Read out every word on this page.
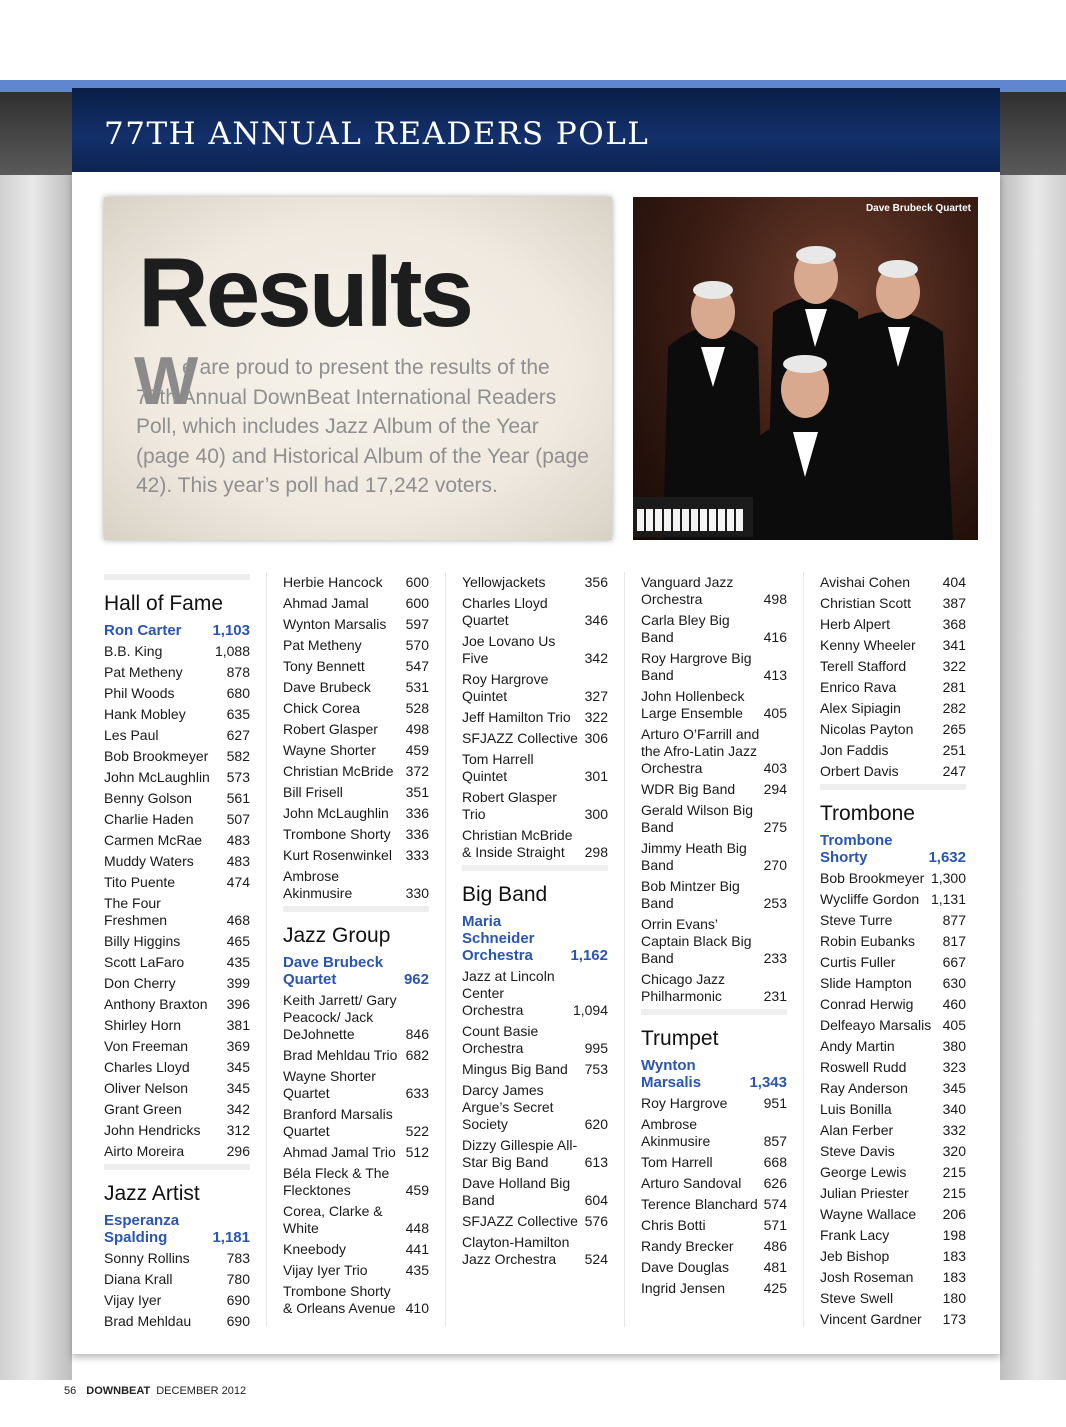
77TH ANNUAL READERS POLL
Results
W
e are proud to present the results of the 77th Annual DownBeat International Readers Poll, which includes Jazz Album of the Year (page 40) and Historical Album of the Year (page 42). This year’s poll had 17,242 voters.
Dave Brubeck Quartet
Hall of Fame
Ron Carter	1,103
B.B. King	1,088
Pat Metheny	878
Phil Woods	680
Hank Mobley	635
Les Paul	627
Bob Brookmeyer	582
John McLaughlin	573
Benny Golson	561
Charlie Haden	507
Carmen McRae	483
Muddy Waters	483
Tito Puente	474
The Four Freshmen	468
Billy Higgins	465
Scott LaFaro	435
Don Cherry	399
Anthony Braxton	396
Shirley Horn	381
Von Freeman	369
Charles Lloyd	345
Oliver Nelson	345
Grant Green	342
John Hendricks	312
Airto Moreira	296
Jazz Artist
Esperanza Spalding	1,181
Sonny Rollins	783
Diana Krall	780
Vijay Iyer	690
Brad Mehldau	690
Herbie Hancock	600
Ahmad Jamal	600
Wynton Marsalis	597
Pat Metheny	570
Tony Bennett	547
Dave Brubeck	531
Chick Corea	528
Robert Glasper	498
Wayne Shorter	459
Christian McBride 372
Bill Frisell	351
John McLaughlin	336
Trombone Shorty	336
Kurt Rosenwinkel 333
Ambrose Akinmusire	330
Jazz Group
Dave Brubeck Quartet	962
Keith Jarrett/ Gary Peacock/ Jack DeJohnette	846
Brad Mehldau Trio 682
Wayne Shorter Quartet	633
Branford Marsalis Quartet	522
Ahmad Jamal Trio 512
Béla Fleck & The Flecktones	459
Corea, Clarke & White	448
Kneebody	441
Vijay Iyer Trio	435
Trombone Shorty & Orleans Avenue 410
Yellowjackets	356
Charles Lloyd Quartet	346
Joe Lovano Us Five	342
Roy Hargrove Quintet	327
Jeff Hamilton Trio 322
SFJAZZ Collective 306
Tom Harrell Quintet	301
Robert Glasper Trio	300
Christian McBride & Inside Straight	298
Big Band
Maria Schneider Orchestra	1,162
Jazz at Lincoln Center Orchestra	1,094
Count Basie Orchestra	995
Mingus Big Band	753
Darcy James Argue’s Secret Society	620
Dizzy Gillespie All-Star Big Band	613
Dave Holland Big Band	604
SFJAZZ Collective 576
Clayton-Hamilton Jazz Orchestra	524
Vanguard Jazz Orchestra	498
Carla Bley Big Band	416
Roy Hargrove Big Band	413
John Hollenbeck Large Ensemble	405
Arturo O’Farrill and the Afro-Latin Jazz Orchestra	403
WDR Big Band	294
Gerald Wilson Big Band	275
Jimmy Heath Big Band	270
Bob Mintzer Big Band	253
Orrin Evans’ Captain Black Big Band	233
Chicago Jazz Philharmonic	231
Trumpet
Wynton Marsalis	1,343
Roy Hargrove	951
Ambrose Akinmusire	857
Tom Harrell	668
Arturo Sandoval	626
Terence Blanchard 574
Chris Botti	571
Randy Brecker	486
Dave Douglas	481
Ingrid Jensen	425
Avishai Cohen	404
Christian Scott	387
Herb Alpert	368
Kenny Wheeler	341
Terell Stafford	322
Enrico Rava	281
Alex Sipiagin	282
Nicolas Payton	265
Jon Faddis	251
Orbert Davis	247
Trombone
Trombone Shorty	1,632
Bob Brookmeyer 1,300
Wycliffe Gordon 1,131
Steve Turre	877
Robin Eubanks	817
Curtis Fuller	667
Slide Hampton	630
Conrad Herwig	460
Delfeayo Marsalis 405
Andy Martin	380
Roswell Rudd	323
Ray Anderson	345
Luis Bonilla	340
Alan Ferber	332
Steve Davis	320
George Lewis	215
Julian Priester	215
Wayne Wallace	206
Frank Lacy	198
Jeb Bishop	183
Josh Roseman	183
Steve Swell	180
Vincent Gardner	173
56 DOWNBEAT DECEMBER 2012
